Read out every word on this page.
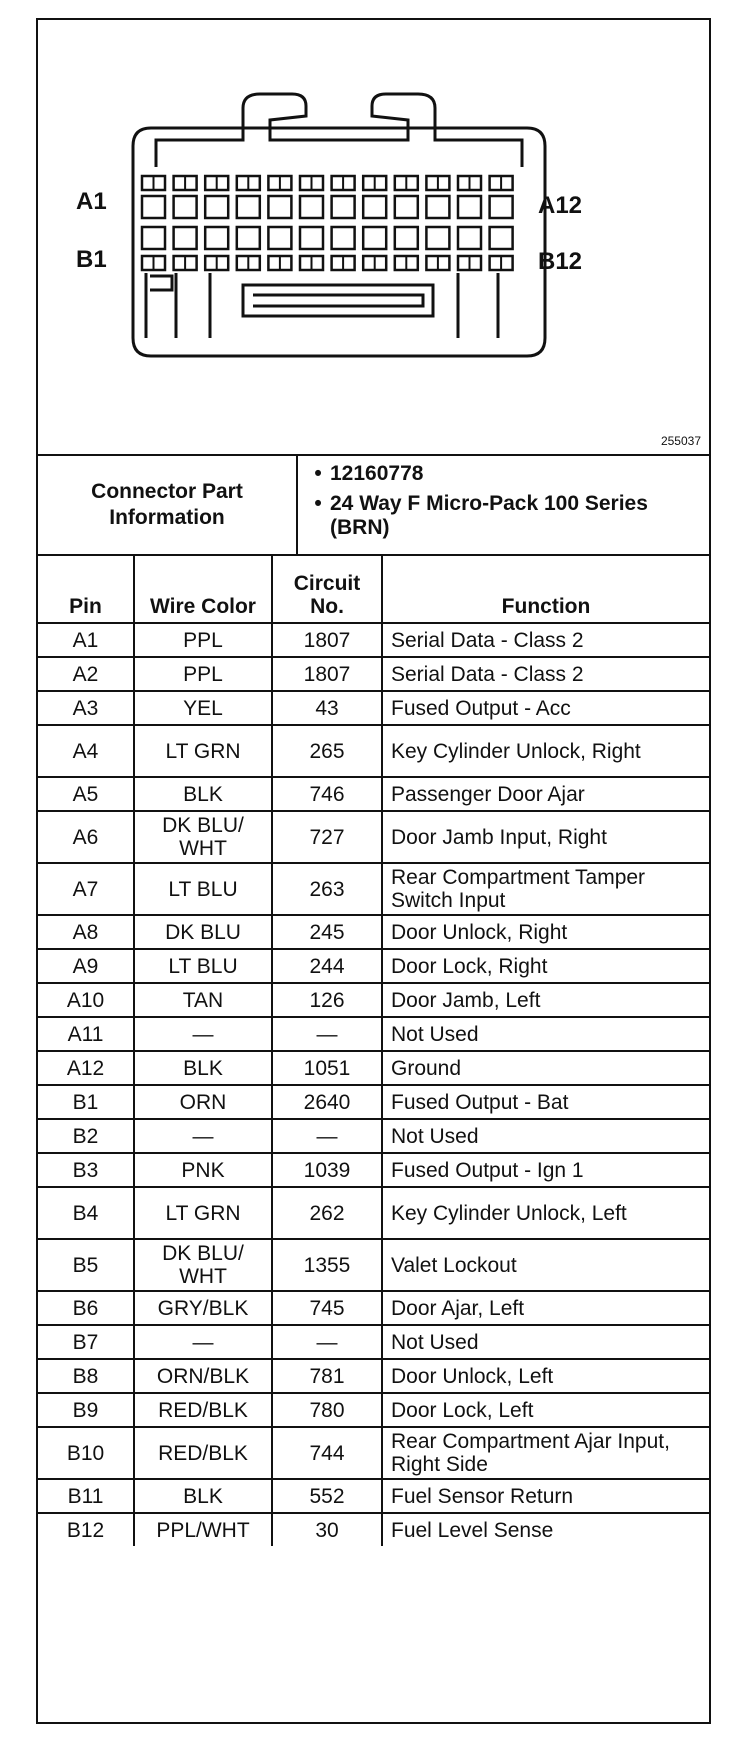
A1	A12
B1	B12
255037
Connector Part Information
• 12160778
• 24 Way F Micro-Pack 100 Series (BRN)
Pin	Wire Color	Circuit No.	Function
A1	PPL	1807	Serial Data - Class 2
A2	PPL	1807	Serial Data - Class 2
A3	YEL	43	Fused Output - Acc
A4	LT GRN	265	Key Cylinder Unlock, Right
A5	BLK	746	Passenger Door Ajar
A6	DK BLU/ WHT	727	Door Jamb Input, Right
A7	LT BLU	263	Rear Compartment Tamper Switch Input
A8	DK BLU	245	Door Unlock, Right
A9	LT BLU	244	Door Lock, Right
A10	TAN	126	Door Jamb, Left
A11	—	—	Not Used
A12	BLK	1051	Ground
B1	ORN	2640	Fused Output - Bat
B2	—	—	Not Used
B3	PNK	1039	Fused Output - Ign 1
B4	LT GRN	262	Key Cylinder Unlock, Left
B5	DK BLU/ WHT	1355	Valet Lockout
B6	GRY/BLK	745	Door Ajar, Left
B7	—	—	Not Used
B8	ORN/BLK	781	Door Unlock, Left
B9	RED/BLK	780	Door Lock, Left
B10	RED/BLK	744	Rear Compartment Ajar Input, Right Side
B11	BLK	552	Fuel Sensor Return
B12	PPL/WHT	30	Fuel Level Sense
